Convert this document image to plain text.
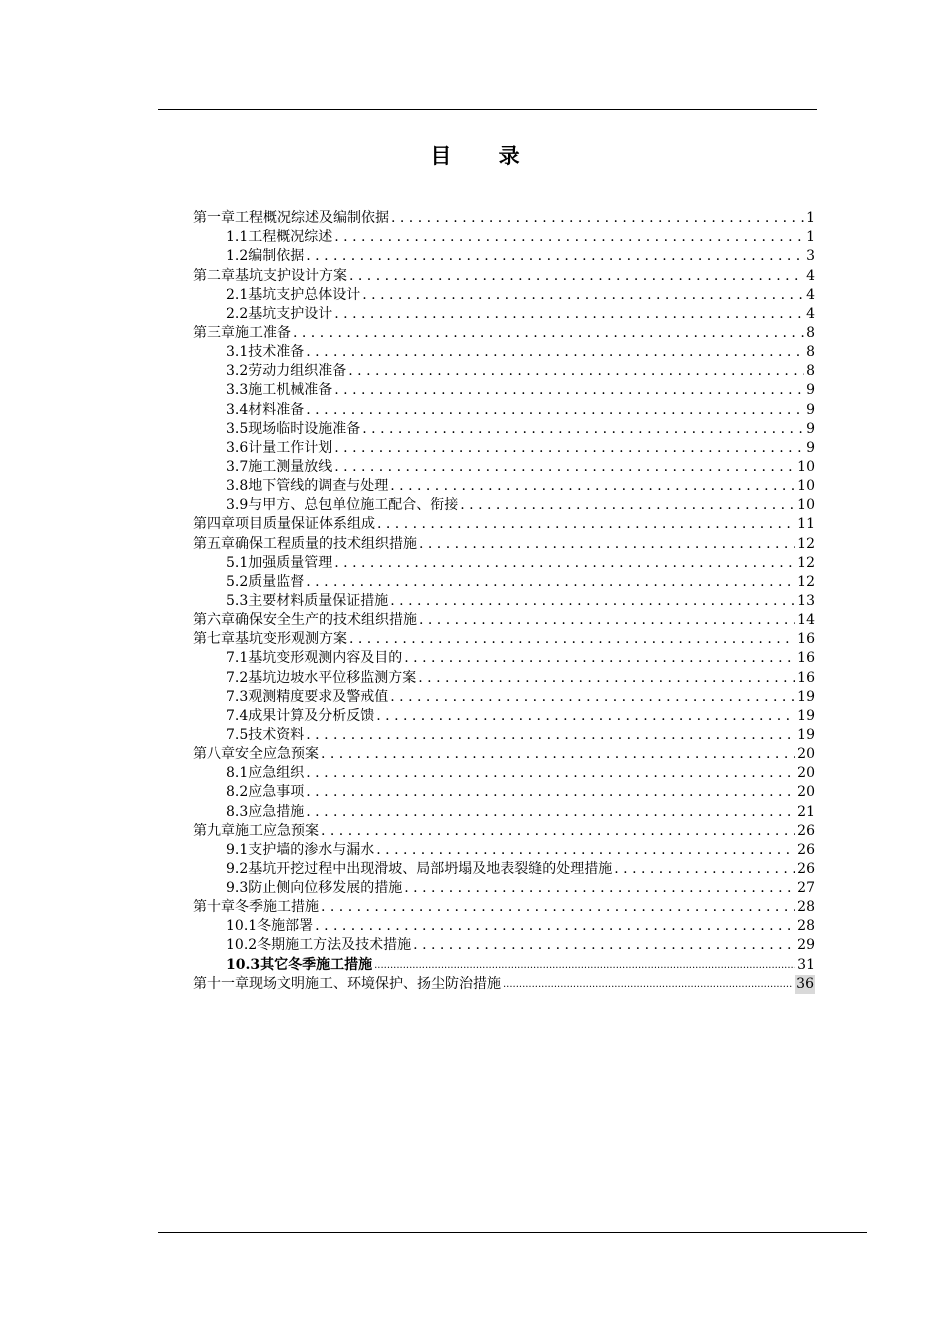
目 录
第一章 工程概况综述及编制依据 . . .	1
1.1 工程概况综述 . . .	1
1.2 编制依据 . . .	3
第二章 基坑支护设计方案 . . .	4
2.1 基坑支护总体设计 . . .	4
2.2 基坑支护设计 . . .	4
第三章 施工准备 . . .	8
3.1 技术准备 . . .	8
3.2 劳动力组织准备 . . .	8
3.3 施工机械准备 . . .	9
3.4 材料准备 . . .	9
3.5 现场临时设施准备 . . .	9
3.6 计量工作计划 . . .	9
3.7 施工测量放线 . . .	10
3.8 地下管线的调查与处理 . . .	10
3.9 与甲方、总包单位施工配合、衔接 . . .	10
第四章 项目质量保证体系组成 . . .	11
第五章 确保工程质量的技术组织措施 . . .	12
5.1 加强质量管理 . . .	12
5.2 质量监督 . . .	12
5.3 主要材料质量保证措施 . . .	13
第六章 确保安全生产的技术组织措施 . . .	14
第七章 基坑变形观测方案 . . .	16
7.1 基坑变形观测内容及目的 . . .	16
7.2 基坑边坡水平位移监测方案 . . .	16
7.3 观测精度要求及警戒值 . . .	19
7.4 成果计算及分析反馈 . . .	19
7.5 技术资料 . . .	19
第八章 安全应急预案 . . .	20
8.1 应急组织 . . .	20
8.2 应急事项 . . .	20
8.3 应急措施 . . .	21
第九章 施工应急预案 . . .	26
9.1 支护墙的渗水与漏水 . . .	26
9.2 基坑开挖过程中出现滑坡、局部坍塌及地表裂缝的处理措施 . . .	26
9.3 防止侧向位移发展的措施 . . .	27
第十章 冬季施工措施 . . .	28
10.1 冬施部署 . . .	28
10.2 冬期施工方法及技术措施 . . .	29
10.3 其它冬季施工措施 .....	31
第十一章 现场文明施工、环境保护、扬尘防治措施 .....	36
